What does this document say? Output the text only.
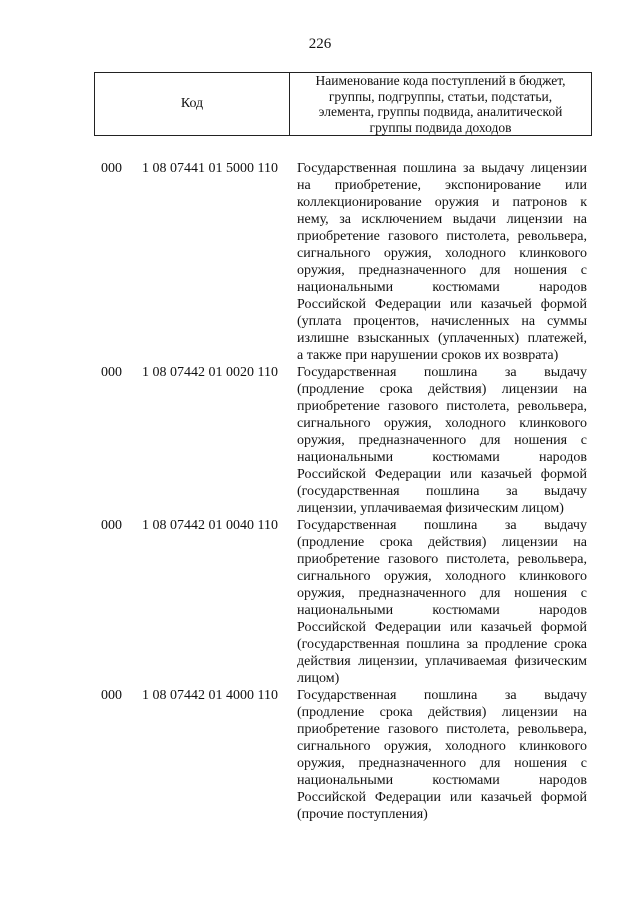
226
Код
Наименование кода поступлений в бюджет,
группы, подгруппы, статьи, подстатьи,
элемента, группы подвида, аналитической
группы подвида доходов
000 1 08 07441 01 5000 110 Государственная пошлина за выдачу лицензии
на приобретение, экспонирование или
коллекционирование оружия и патронов к
нему, за исключением выдачи лицензии на
приобретение газового пистолета, револьвера,
сигнального оружия, холодного клинкового
оружия, предназначенного для ношения с
национальными	костюмами	народов
Российской Федерации или казачьей формой
(уплата процентов, начисленных на суммы
излишне взысканных (уплаченных) платежей,
а также при нарушении сроков их возврата)
000 1 08 07442 01 0020 110 Государственная пошлина за выдачу
(продление срока действия) лицензии на
приобретение газового пистолета, револьвера,
сигнального оружия, холодного клинкового
оружия, предназначенного для ношения с
национальными	костюмами	народов
Российской Федерации или казачьей формой
(государственная пошлина за выдачу
лицензии, уплачиваемая физическим лицом)
000 1 08 07442 01 0040 110 Государственная пошлина за выдачу
(продление срока действия) лицензии на
приобретение газового пистолета, револьвера,
сигнального оружия, холодного клинкового
оружия, предназначенного для ношения с
национальными	костюмами	народов
Российской Федерации или казачьей формой
(государственная пошлина за продление срока
действия лицензии, уплачиваемая физическим
лицом)
000 1 08 07442 01 4000 110 Государственная пошлина за выдачу
(продление срока действия) лицензии на
приобретение газового пистолета, револьвера,
сигнального оружия, холодного клинкового
оружия, предназначенного для ношения с
национальными	костюмами	народов
Российской Федерации или казачьей формой
(прочие поступления)
